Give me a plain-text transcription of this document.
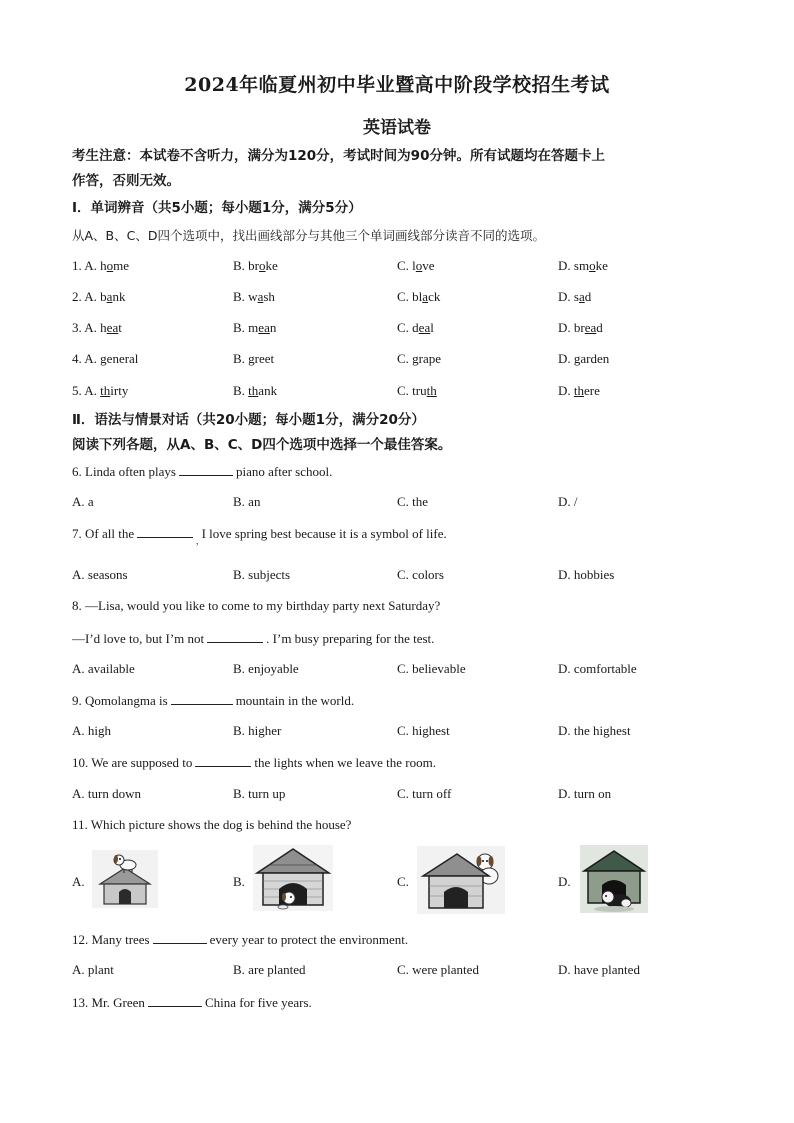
2024年临夏州初中毕业暨高中阶段学校招生考试
英语试卷
考生注意：本试卷不含听力，满分为120分，考试时间为90分钟。所有试题均在答题卡上
作答，否则无效。
Ⅰ．单词辨音（共5小题；每小题1分，满分5分）
从A、B、C、D四个选项中，找出画线部分与其他三个单词画线部分读音不同的选项。
1. A. home	B. broke	C. love	D. smoke
2. A. bank	B. wash	C. black	D. sad
3. A. heat	B. mean	C. deal	D. bread
4. A. general	B. greet	C. grape	D. garden
5. A. thirty	B. thank	C. truth	D. there
Ⅱ．语法与情景对话（共20小题；每小题1分，满分20分）
阅读下列各题，从A、B、C、D四个选项中选择一个最佳答案。
6. Linda often plays	piano after school.
A. a	B. an	C. the	D. /
7. Of all the	$_,$ I love spring best because it is a symbol of life.
A. seasons	B. subjects	C. colors	D. hobbies
8. —Lisa, would you like to come to my birthday party next Saturday?
—I’d love to, but I’m not	. I’m busy preparing for the test.
A. available	B. enjoyable	C. believable	D. comfortable
9. Qomolangma is	mountain in the world.
A. high	B. higher	C. highest	D. the highest
10. We are supposed to	the lights when we leave the room.
A. turn down	B. turn up	C. turn off	D. turn on
11. Which picture shows the dog is behind the house?
A.	B.	C.	D.
12. Many trees	every year to protect the environment.
A. plant	B. are planted	C. were planted	D. have planted
13. Mr. Green	China for five years.
